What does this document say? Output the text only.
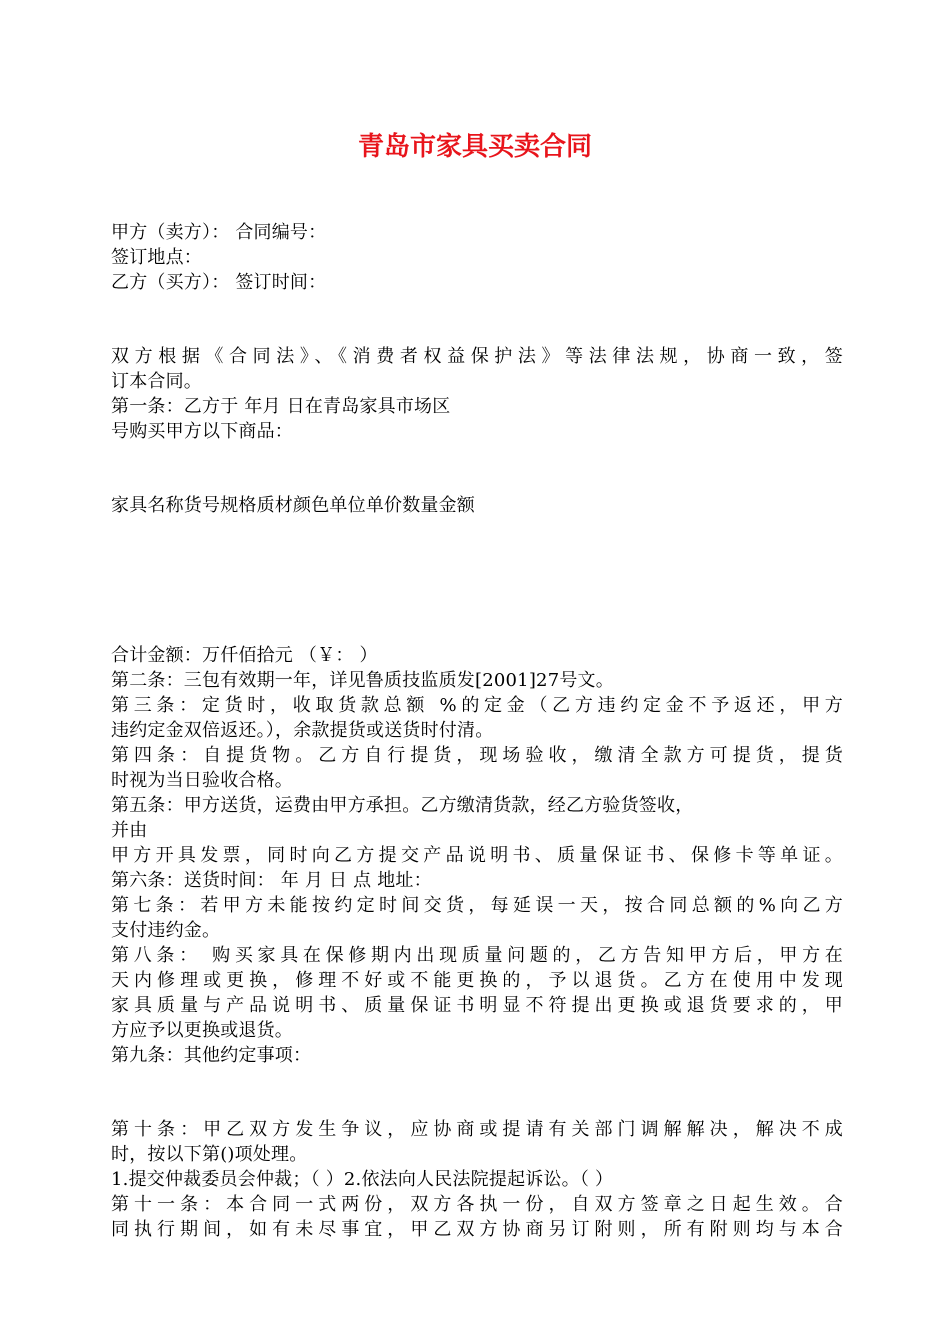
青岛市家具买卖合同
甲方（卖方）： 合同编号：
签订地点：
乙方（买方）： 签订时间：
双方根据《合同法》、《消费者权益保护法》等法律法规，协商一致，签
订本合同。
第一条：乙方于 年月 日在青岛家具市场区
号购买甲方以下商品：
家具名称货号规格质材颜色单位单价数量金额
合计金额：万仟佰拾元 （￥： ）
第二条：三包有效期一年，详见鲁质技监质发[2001]27号文。
第三条：定货时，收取货款总额 %的定金（乙方违约定金不予返还，甲方
违约定金双倍返还。），余款提货或送货时付清。
第四条：自提货物。乙方自行提货，现场验收，缴清全款方可提货，提货
时视为当日验收合格。
第五条：甲方送货，运费由甲方承担。乙方缴清货款，经乙方验货签收，
并由
甲方开具发票，同时向乙方提交产品说明书、质量保证书、保修卡等单证。
第六条：送货时间： 年 月 日 点 地址：
第七条：若甲方未能按约定时间交货，每延误一天，按合同总额的%向乙方
支付违约金。
第八条： 购买家具在保修期内出现质量问题的，乙方告知甲方后，甲方在
天内修理或更换，修理不好或不能更换的，予以退货。乙方在使用中发现
家具质量与产品说明书、质量保证书明显不符提出更换或退货要求的，甲
方应予以更换或退货。
第九条：其他约定事项：
第十条：甲乙双方发生争议，应协商或提请有关部门调解解决，解决不成
时，按以下第()项处理。
1.提交仲裁委员会仲裁；（ ）2.依法向人民法院提起诉讼。（ ）
第十一条：本合同一式两份，双方各执一份，自双方签章之日起生效。合
同执行期间，如有未尽事宜，甲乙双方协商另订附则，所有附则均与本合
